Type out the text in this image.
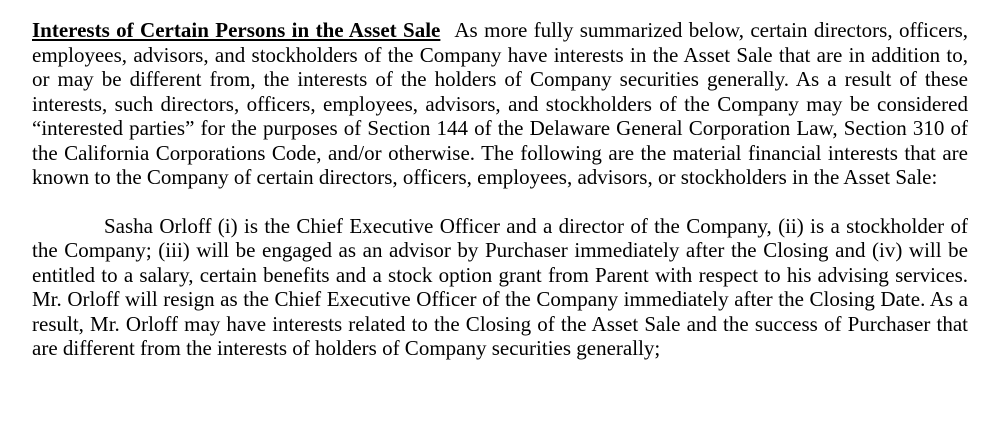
Interests of Certain Persons in the Asset Sale As more fully summarized below, certain directors, officers, employees, advisors, and stockholders of the Company have interests in the Asset Sale that are in addition to, or may be different from, the interests of the holders of Company securities generally. As a result of these interests, such directors, officers, employees, advisors, and stockholders of the Company may be considered “interested parties” for the purposes of Section 144 of the Delaware General Corporation Law, Section 310 of the California Corporations Code, and/or otherwise. The following are the material financial interests that are known to the Company of certain directors, officers, employees, advisors, or stockholders in the Asset Sale:

Sasha Orloff (i) is the Chief Executive Officer and a director of the Company, (ii) is a stockholder of the Company; (iii) will be engaged as an advisor by Purchaser immediately after the Closing and (iv) will be entitled to a salary, certain benefits and a stock option grant from Parent with respect to his advising services. Mr. Orloff will resign as the Chief Executive Officer of the Company immediately after the Closing Date. As a result, Mr. Orloff may have interests related to the Closing of the Asset Sale and the success of Purchaser that are different from the interests of holders of Company securities generally;
